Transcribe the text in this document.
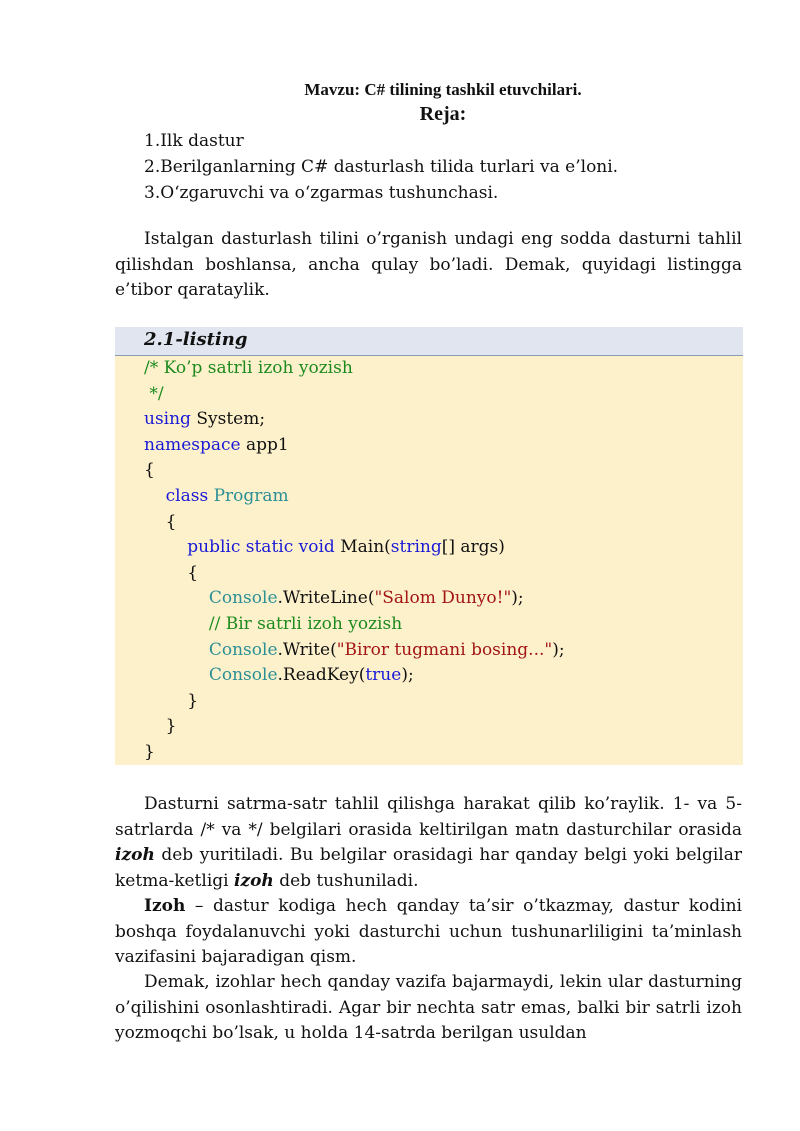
Mavzu: C# tilining tashkil etuvchilari.
Reja:
1.Ilk dastur
2.Berilganlarning C# dasturlash tilida turlari va e’loni.
3.O‘zgaruvchi va o‘zgarmas tushunchasi.

Istalgan dasturlash tilini o’rganish undagi eng sodda dasturni tahlil qilishdan boshlansa, ancha qulay bo’ladi. Demak, quyidagi listingga e’tibor qarataylik.

2.1-listing
/* Ko’p satrli izoh yozish
*/
using System;
namespace app1
{
class Program
{
public static void Main(string[] args)
{
Console.WriteLine("Salom Dunyo!");
// Bir satrli izoh yozish
Console.Write("Biror tugmani bosing...");
Console.ReadKey(true);
}
}
}

Dasturni satrma-satr tahlil qilishga harakat qilib ko’raylik. 1- va 5-satrlarda /* va */ belgilari orasida keltirilgan matn dasturchilar orasida izoh deb yuritiladi. Bu belgilar orasidagi har qanday belgi yoki belgilar ketma-ketligi izoh deb tushuniladi.

Izoh – dastur kodiga hech qanday ta’sir o’tkazmay, dastur kodini boshqa foydalanuvchi yoki dasturchi uchun tushunarliligini ta’minlash vazifasini bajaradigan qism.

Demak, izohlar hech qanday vazifa bajarmaydi, lekin ular dasturning o’qilishini osonlashtiradi. Agar bir nechta satr emas, balki bir satrli izoh yozmoqchi bo’lsak, u holda 14-satrda berilgan usuldan
